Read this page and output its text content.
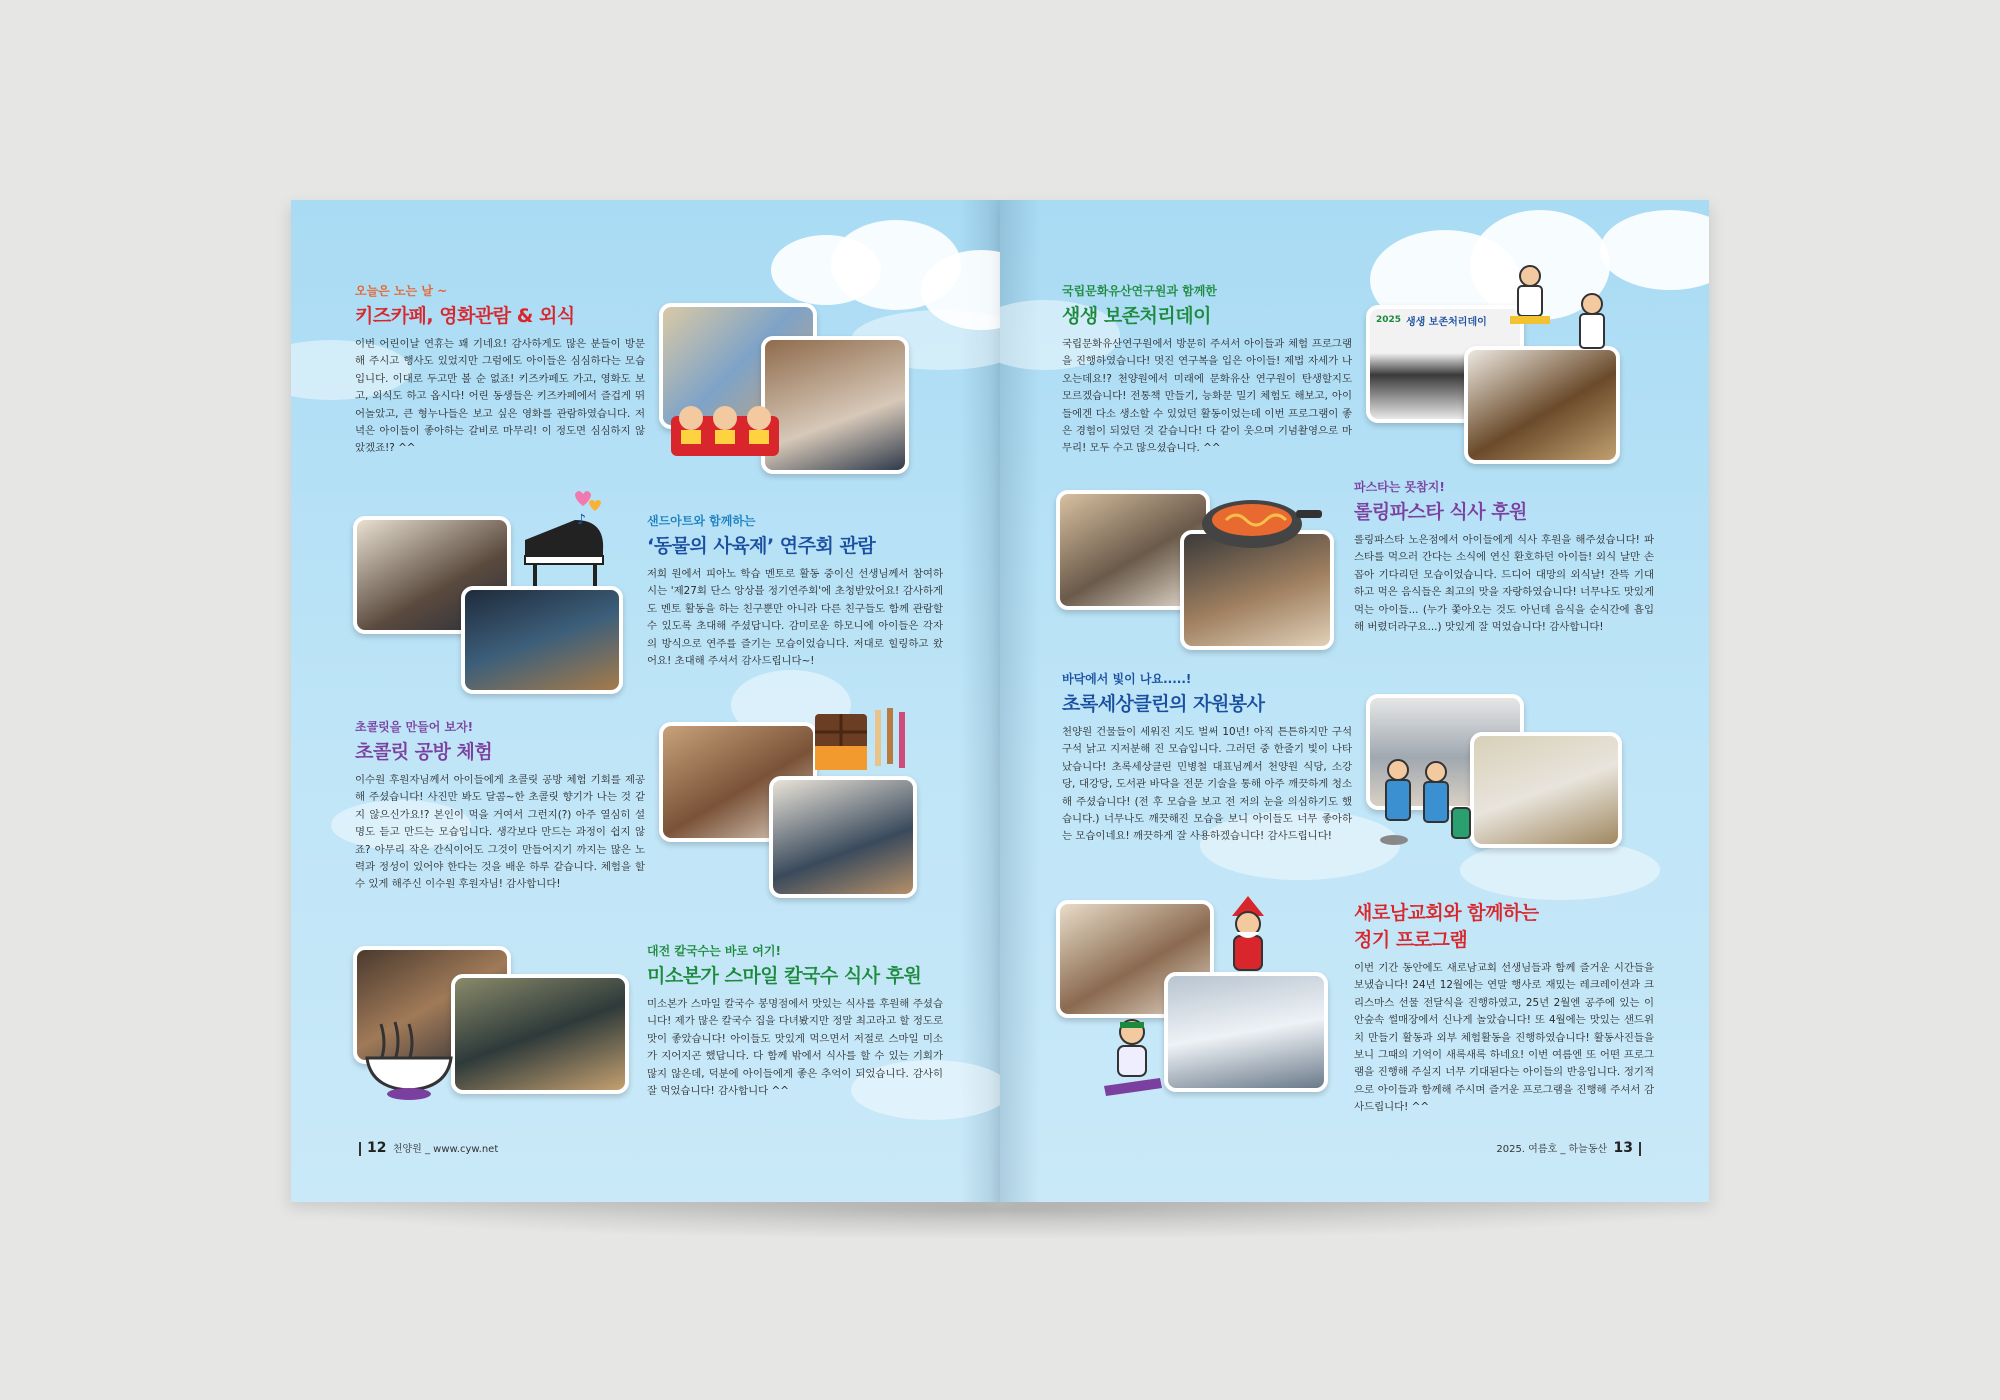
오늘은 노는 날 ~

키즈카페, 영화관람 & 외식

이번 어린이날 연휴는 꽤 기네요! 감사하게도 많은 분들이 방문해 주시고 행사도 있었지만 그럼에도 아이들은 심심하다는 모습입니다. 이대로 두고만 볼 순 없죠! 키즈카페도 가고, 영화도 보고, 외식도 하고 옵시다! 어린 동생들은 키즈카페에서 즐겁게 뛰어놀았고, 큰 형누나들은 보고 싶은 영화를 관람하였습니다. 저녁은 아이들이 좋아하는 갈비로 마무리! 이 정도면 심심하지 않았겠죠!? ^^

♪	샌드아트와 함께하는

‘동물의 사육제’ 연주회 관람

저희 원에서 피아노 학습 멘토로 활동 중이신 선생님께서 참여하시는 '제27회 단스 앙상블 정기연주회'에 초청받았어요! 감사하게도 멘토 활동을 하는 친구뿐만 아니라 다른 친구들도 함께 관람할 수 있도록 초대해 주셨답니다. 감미로운 하모니에 아이들은 각자의 방식으로 연주를 즐기는 모습이었습니다. 저대로 힐링하고 왔어요! 초대해 주셔서 감사드립니다~!

초콜릿을 만들어 보자!

초콜릿 공방 체험

이수원 후원자님께서 아이들에게 초콜릿 공방 체험 기회를 제공해 주셨습니다! 사진만 봐도 달콤~한 초콜릿 향기가 나는 것 같지 않으신가요!? 본인이 먹을 거여서 그런지(?) 아주 열심히 설명도 듣고 만드는 모습입니다. 생각보다 만드는 과정이 쉽지 않죠? 아무리 작은 간식이어도 그것이 만들어지기 까지는 많은 노력과 정성이 있어야 한다는 것을 배운 하루 같습니다. 체험을 할 수 있게 해주신 이수원 후원자님! 감사합니다!

대전 칼국수는 바로 여기!

미소본가 스마일 칼국수 식사 후원

미소본가 스마일 칼국수 봉명점에서 맛있는 식사를 후원해 주셨습니다! 제가 많은 칼국수 집을 다녀봤지만 정말 최고라고 할 정도로 맛이 좋았습니다! 아이들도 맛있게 먹으면서 저절로 스마일 미소가 지어지곤 했답니다. 다 함께 밖에서 식사를 할 수 있는 기회가 많지 않은데, 덕분에 아이들에게 좋은 추억이 되었습니다. 감사히 잘 먹었습니다! 감사합니다 ^^

12 천양원 _ www.cyw.net

국립문화유산연구원과 함께한

생생 보존처리데이

국립문화유산연구원에서 방문히 주셔서 아이들과 체험 프로그램을 진행하였습니다! 멋진 연구복을 입은 아이들! 제법 자세가 나오는데요!? 천양원에서 미래에 문화유산 연구원이 탄생할지도 모르겠습니다! 전통책 만들기, 능화문 밀기 체험도 해보고, 아이들에겐 다소 생소할 수 있었던 활동이었는데 이번 프로그램이 좋은 경험이 되었던 것 같습니다! 다 같이 웃으며 기념촬영으로 마무리! 모두 수고 많으셨습니다. ^^

2025 생생 보존처리데이

파스타는 못참지!

롤링파스타 식사 후원

롤링파스타 노은점에서 아이들에게 식사 후원을 해주셨습니다! 파스타를 먹으러 간다는 소식에 연신 환호하던 아이들! 외식 날만 손꼽아 기다리던 모습이었습니다. 드디어 대망의 외식날! 잔뜩 기대하고 먹은 음식들은 최고의 맛을 자랑하였습니다! 너무나도 맛있게 먹는 아이들... (누가 쫓아오는 것도 아닌데 음식을 순식간에 흡입해 버렸더라구요...) 맛있게 잘 먹었습니다! 감사합니다!

바닥에서 빛이 나요.....!

초록세상클린의 자원봉사

천양원 건물들이 세워진 지도 벌써 10년! 아직 튼튼하지만 구석구석 낡고 지저분해 진 모습입니다. 그러던 중 한줄기 빛이 나타났습니다! 초록세상클린 민병철 대표님께서 천양원 식당, 소강당, 대강당, 도서관 바닥을 전문 기술을 통해 아주 깨끗하게 청소해 주셨습니다! (전 후 모습을 보고 전 저의 눈을 의심하기도 했습니다.) 너무나도 깨끗해진 모습을 보니 아이들도 너무 좋아하는 모습이네요! 깨끗하게 잘 사용하겠습니다! 감사드립니다!

새로남교회와 함께하는

정기 프로그램

이번 기간 동안에도 새로남교회 선생님들과 함께 즐거운 시간들을 보냈습니다! 24년 12월에는 연말 행사로 재밌는 레크레이션과 크리스마스 선물 전달식을 진행하였고, 25년 2월엔 공주에 있는 이안숲속 썰매장에서 신나게 놀았습니다! 또 4월에는 맛있는 샌드위치 만들기 활동과 외부 체험활동을 진행하였습니다! 활동사진들을 보니 그때의 기억이 새록새록 하네요! 이번 여름엔 또 어떤 프로그램을 진행해 주실지 너무 기대된다는 아이들의 반응입니다. 정기적으로 아이들과 함께해 주시며 즐거운 프로그램을 진행해 주셔서 감사드립니다! ^^

2025. 여름호 _ 하늘동산 13
